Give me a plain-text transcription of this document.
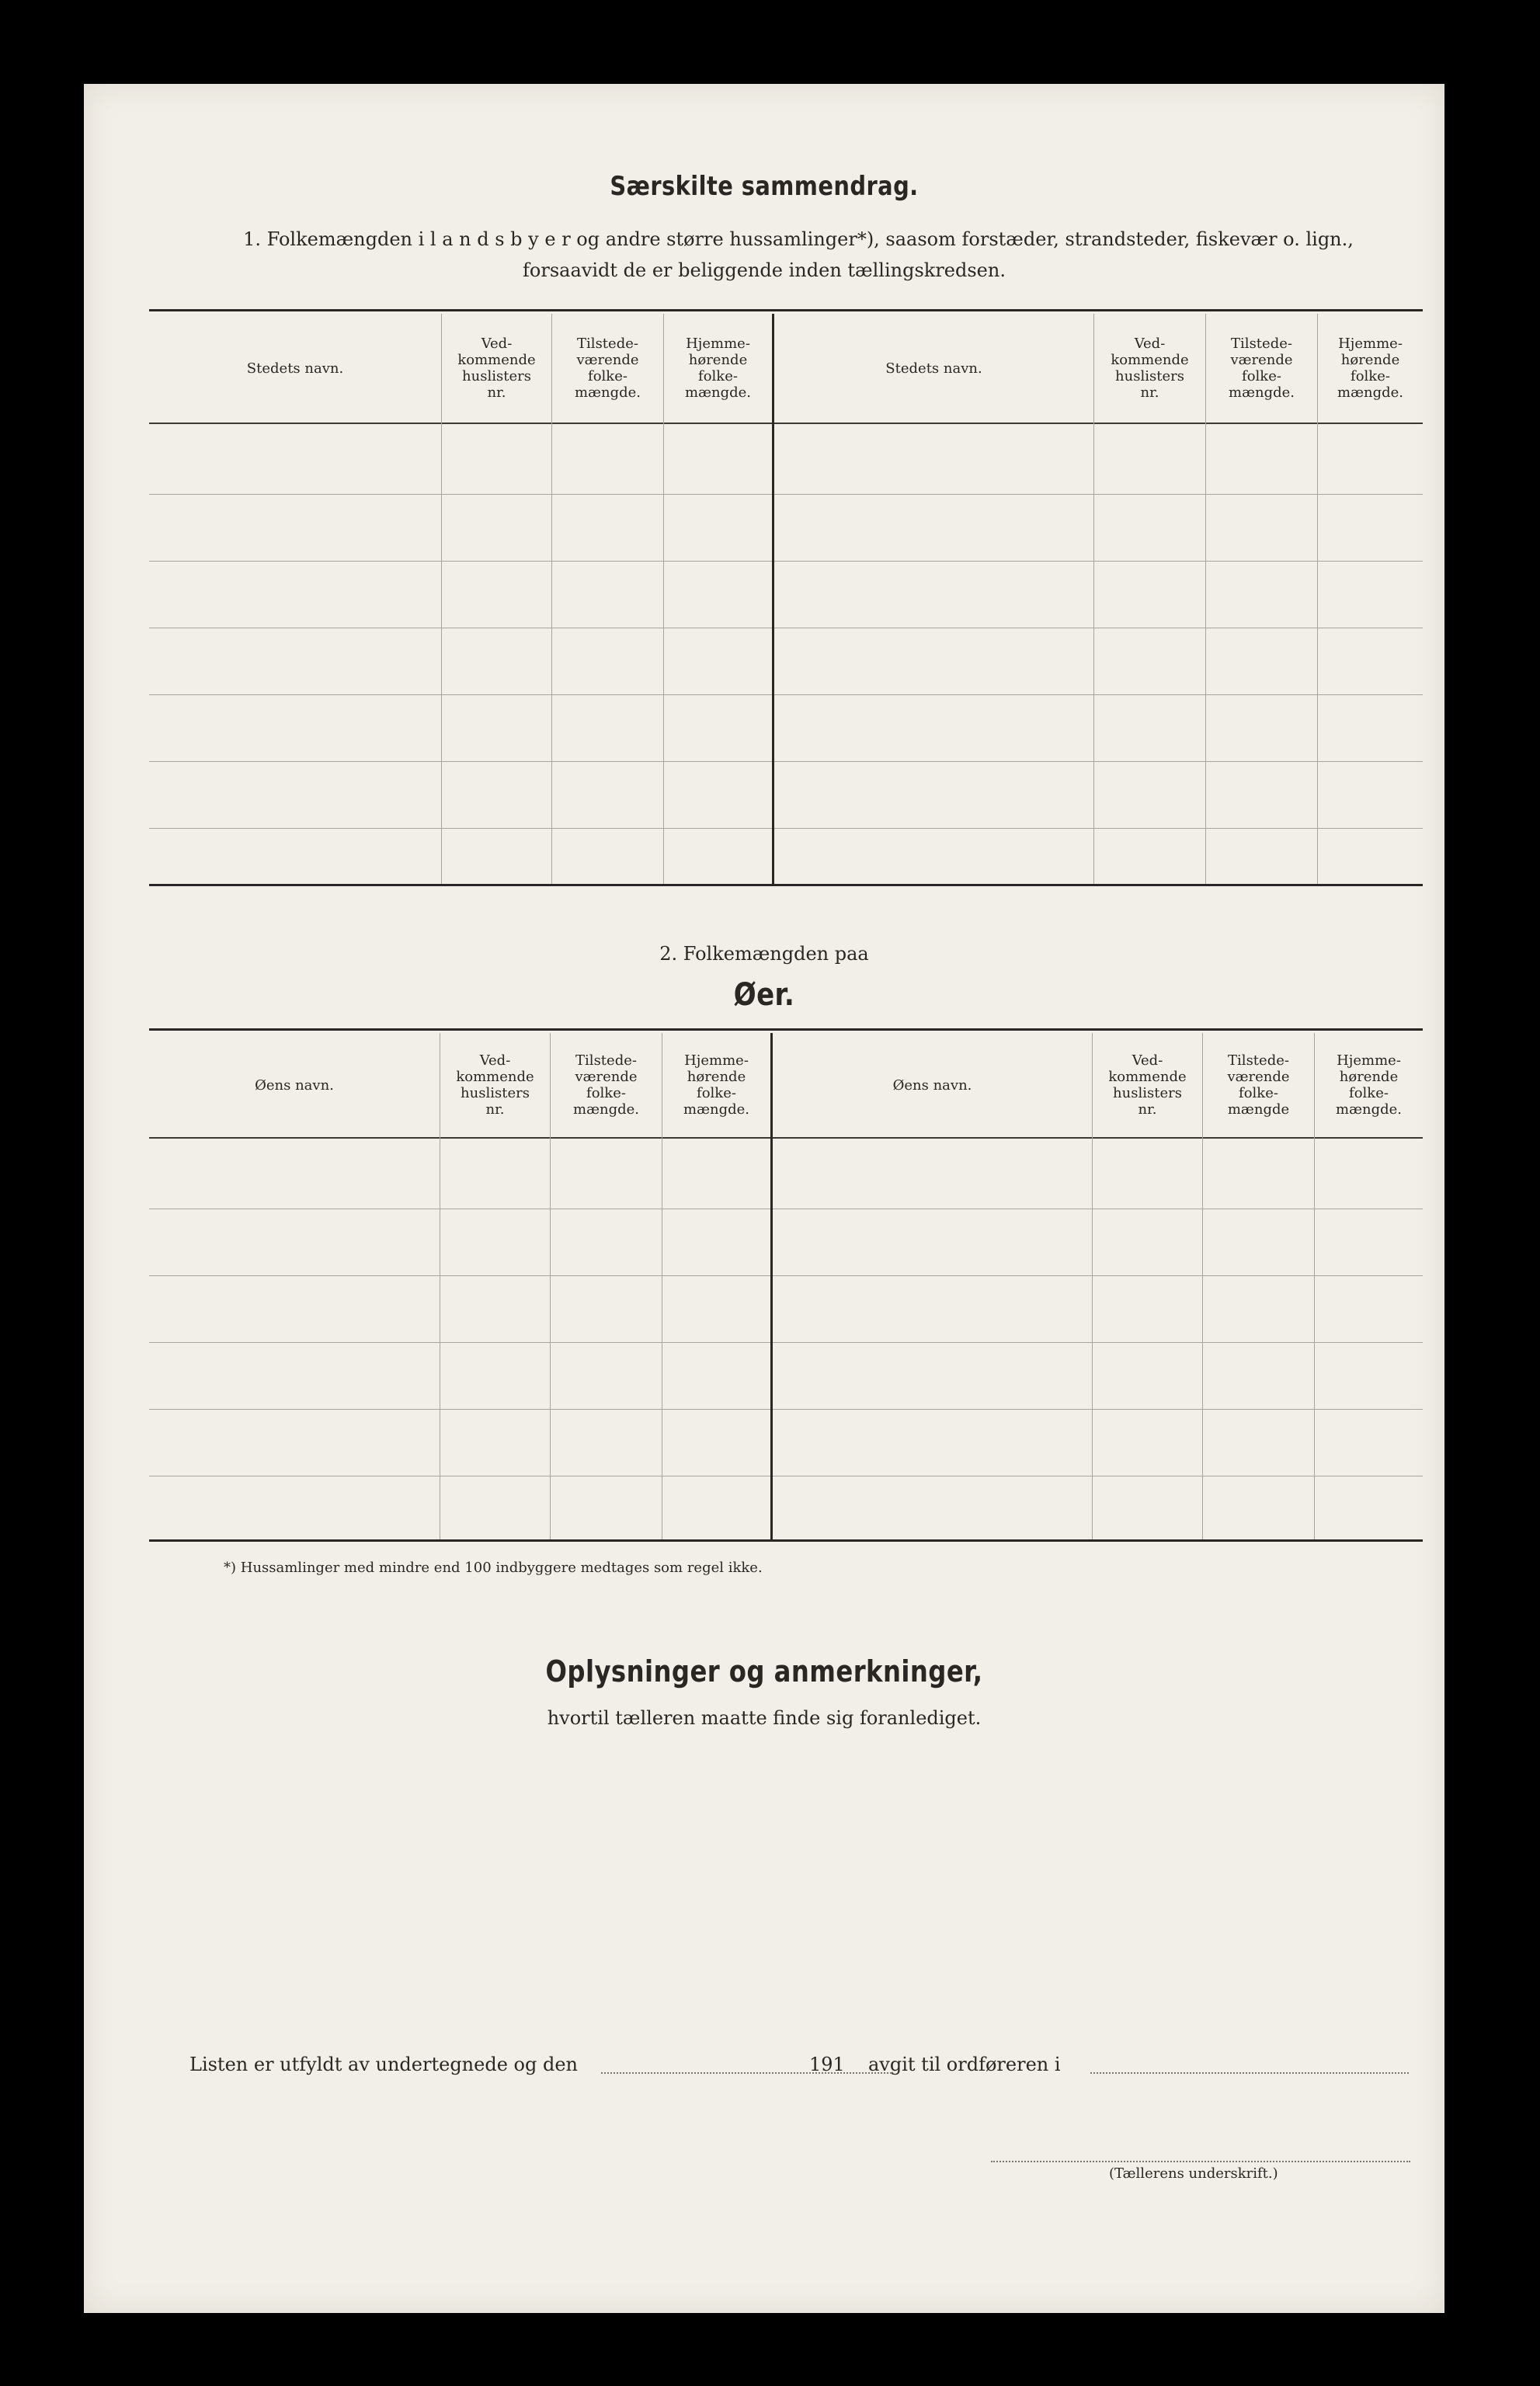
Særskilte sammendrag.
1. Folkemængden i l a n d s b y e r og andre større hussamlinger*), saasom forstæder, strandsteder, fiskevær o. lign.,
forsaavidt de er beliggende inden tællingskredsen.
Stedets navn.
Ved-
kommende
huslisters
nr.
Tilstede-
værende
folke-
mængde.
Hjemme-
hørende
folke-
mængde.
Stedets navn.
Ved-
kommende
huslisters
nr.
Tilstede-
værende
folke-
mængde.
Hjemme-
hørende
folke-
mængde.
2. Folkemængden paa
Øer.
Øens navn.
Ved-
kommende
huslisters
nr.
Tilstede-
værende
folke-
mængde.
Hjemme-
hørende
folke-
mængde.
Øens navn.
Ved-
kommende
huslisters
nr.
Tilstede-
værende
folke-
mængde
Hjemme-
hørende
folke-
mængde.
*) Hussamlinger med mindre end 100 indbyggere medtages som regel ikke.
Oplysninger og anmerkninger,
hvortil tælleren maatte finde sig foranlediget.
Listen er utfyldt av undertegnede og den	191 avgit til ordføreren i
(Tællerens underskrift.)
